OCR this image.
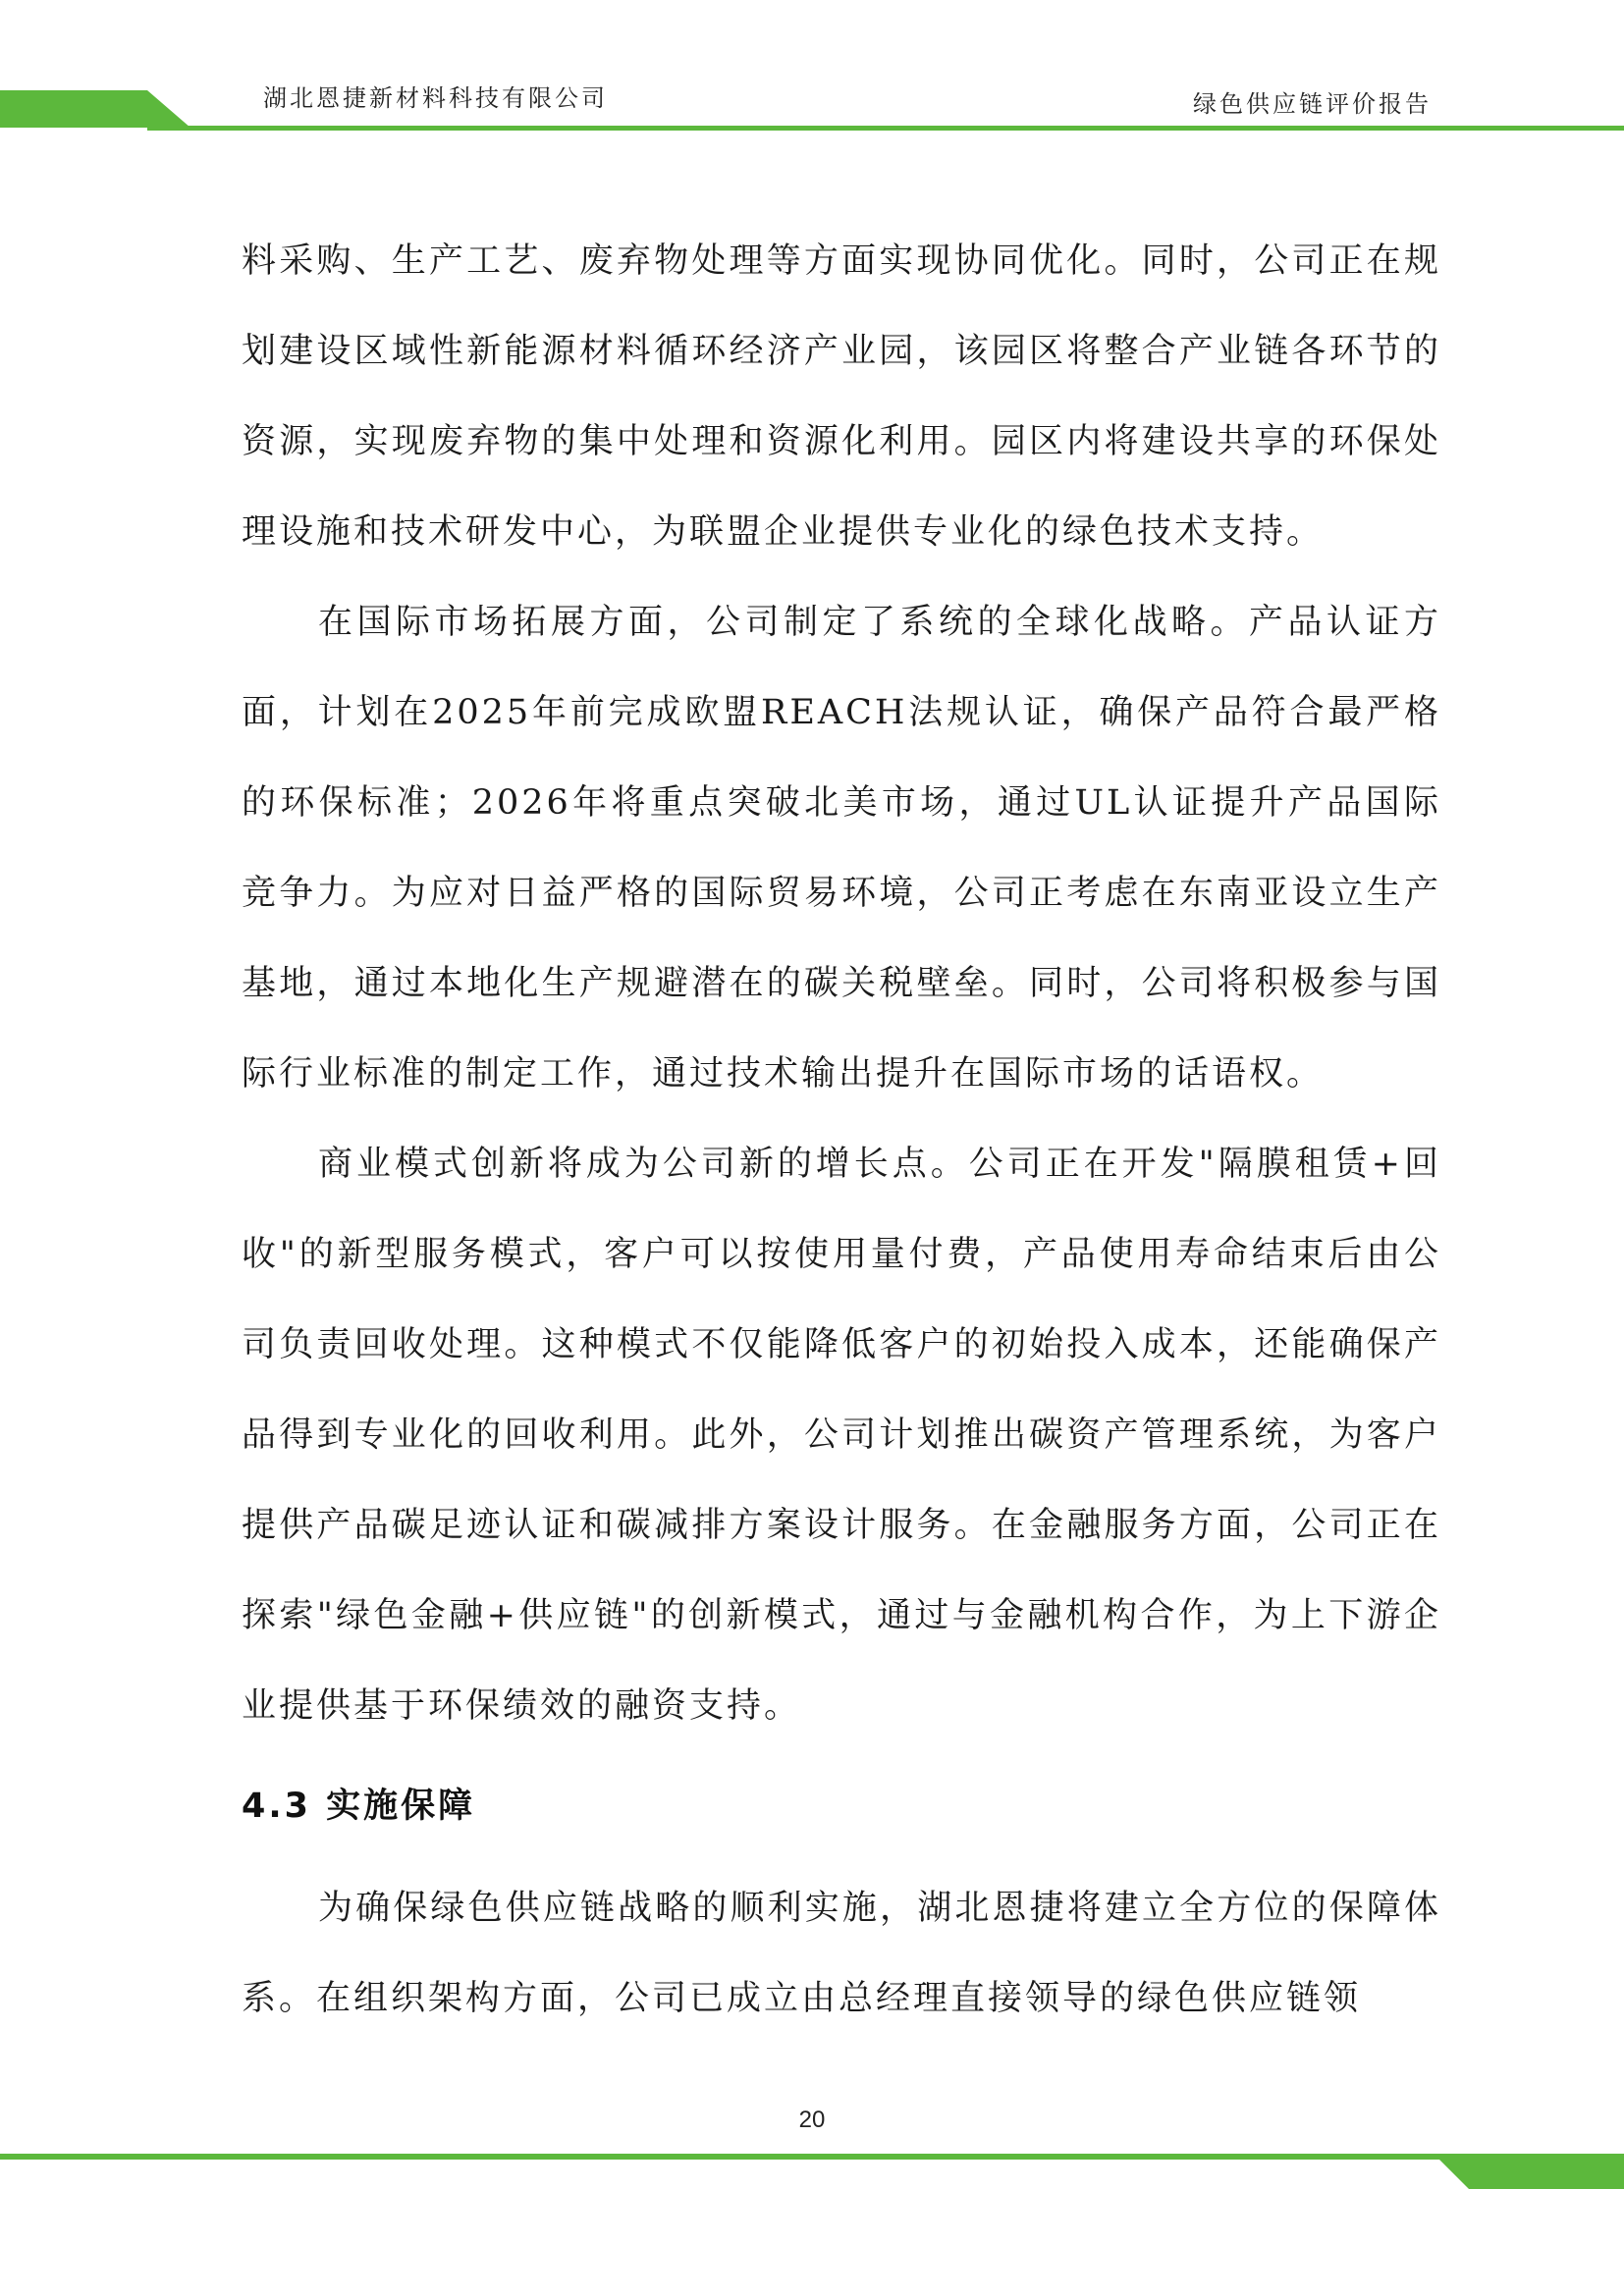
湖北恩捷新材料科技有限公司	绿色供应链评价报告

料采购、生产工艺、废弃物处理等方面实现协同优化。同时，公司正在规划建设区域性新能源材料循环经济产业园，该园区将整合产业链各环节的资源，实现废弃物的集中处理和资源化利用。园区内将建设共享的环保处理设施和技术研发中心，为联盟企业提供专业化的绿色技术支持。

在国际市场拓展方面，公司制定了系统的全球化战略。产品认证方面，计划在2025年前完成欧盟REACH法规认证，确保产品符合最严格的环保标准；2026年将重点突破北美市场，通过UL认证提升产品国际竞争力。为应对日益严格的国际贸易环境，公司正考虑在东南亚设立生产基地，通过本地化生产规避潜在的碳关税壁垒。同时，公司将积极参与国际行业标准的制定工作，通过技术输出提升在国际市场的话语权。

商业模式创新将成为公司新的增长点。公司正在开发"隔膜租赁+回收"的新型服务模式，客户可以按使用量付费，产品使用寿命结束后由公司负责回收处理。这种模式不仅能降低客户的初始投入成本，还能确保产品得到专业化的回收利用。此外，公司计划推出碳资产管理系统，为客户提供产品碳足迹认证和碳减排方案设计服务。在金融服务方面，公司正在探索"绿色金融+供应链"的创新模式，通过与金融机构合作，为上下游企业提供基于环保绩效的融资支持。

4.3 实施保障

为确保绿色供应链战略的顺利实施，湖北恩捷将建立全方位的保障体系。在组织架构方面，公司已成立由总经理直接领导的绿色供应链领

20
